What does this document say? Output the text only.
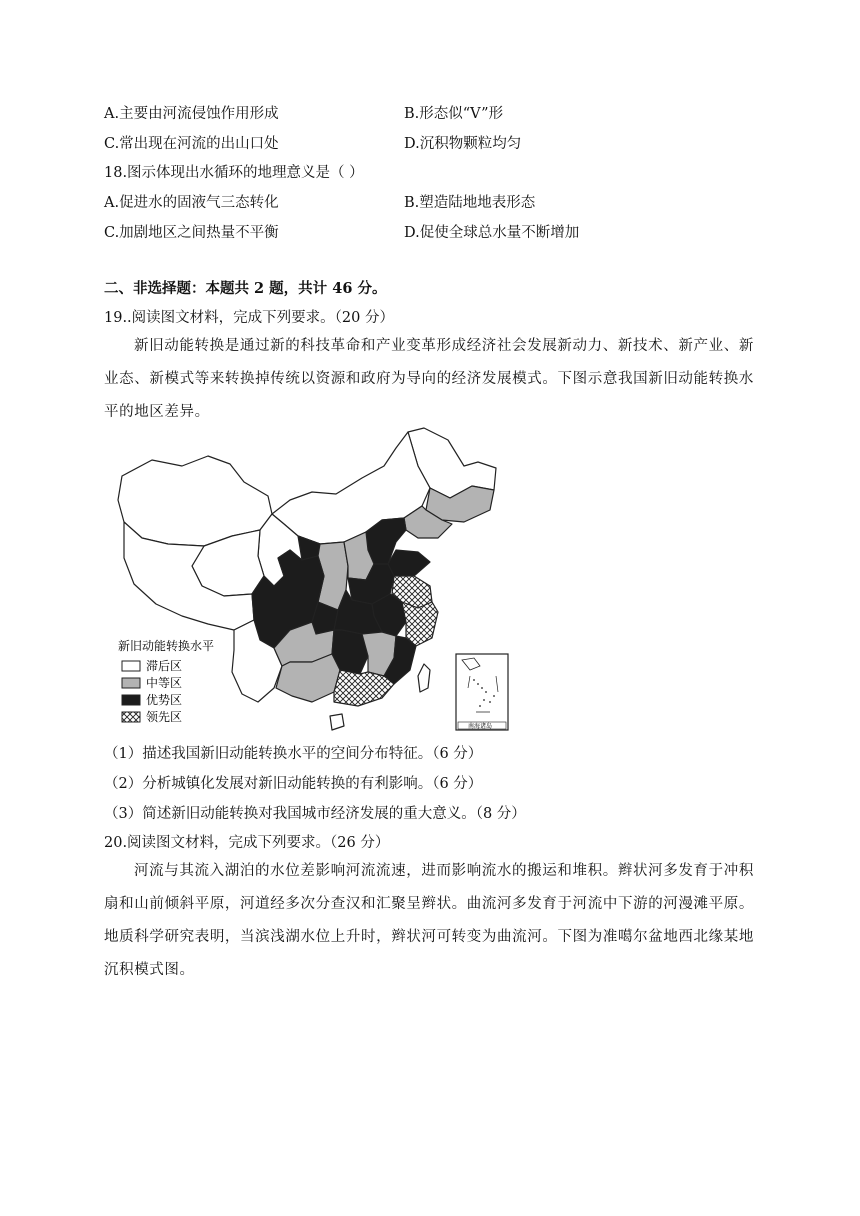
A.主要由河流侵蚀作用形成	B.形态似“V”形
C.常出现在河流的出山口处	D.沉积物颗粒均匀
18.图示体现出水循环的地理意义是（ ）
A.促进水的固液气三态转化	B.塑造陆地地表形态
C.加剧地区之间热量不平衡	D.促使全球总水量不断增加
二、非选择题：本题共 2 题，共计 46 分。
19..阅读图文材料，完成下列要求。（20 分）
新旧动能转换是通过新的科技革命和产业变革形成经济社会发展新动力、新技术、新产业、新业态、新模式等来转换掉传统以资源和政府为导向的经济发展模式。下图示意我国新旧动能转换水平的地区差异。
新旧动能转换水平
滞后区
中等区
优势区
领先区
南海诸岛
（1）描述我国新旧动能转换水平的空间分布特征。（6 分）
（2）分析城镇化发展对新旧动能转换的有利影响。（6 分）
（3）简述新旧动能转换对我国城市经济发展的重大意义。（8 分）
20.阅读图文材料，完成下列要求。（26 分）
河流与其流入湖泊的水位差影响河流流速，进而影响流水的搬运和堆积。辫状河多发育于冲积扇和山前倾斜平原，河道经多次分查汉和汇聚呈辫状。曲流河多发育于河流中下游的河漫滩平原。地质科学研究表明，当滨浅湖水位上升时，辫状河可转变为曲流河。下图为准噶尔盆地西北缘某地沉积模式图。
